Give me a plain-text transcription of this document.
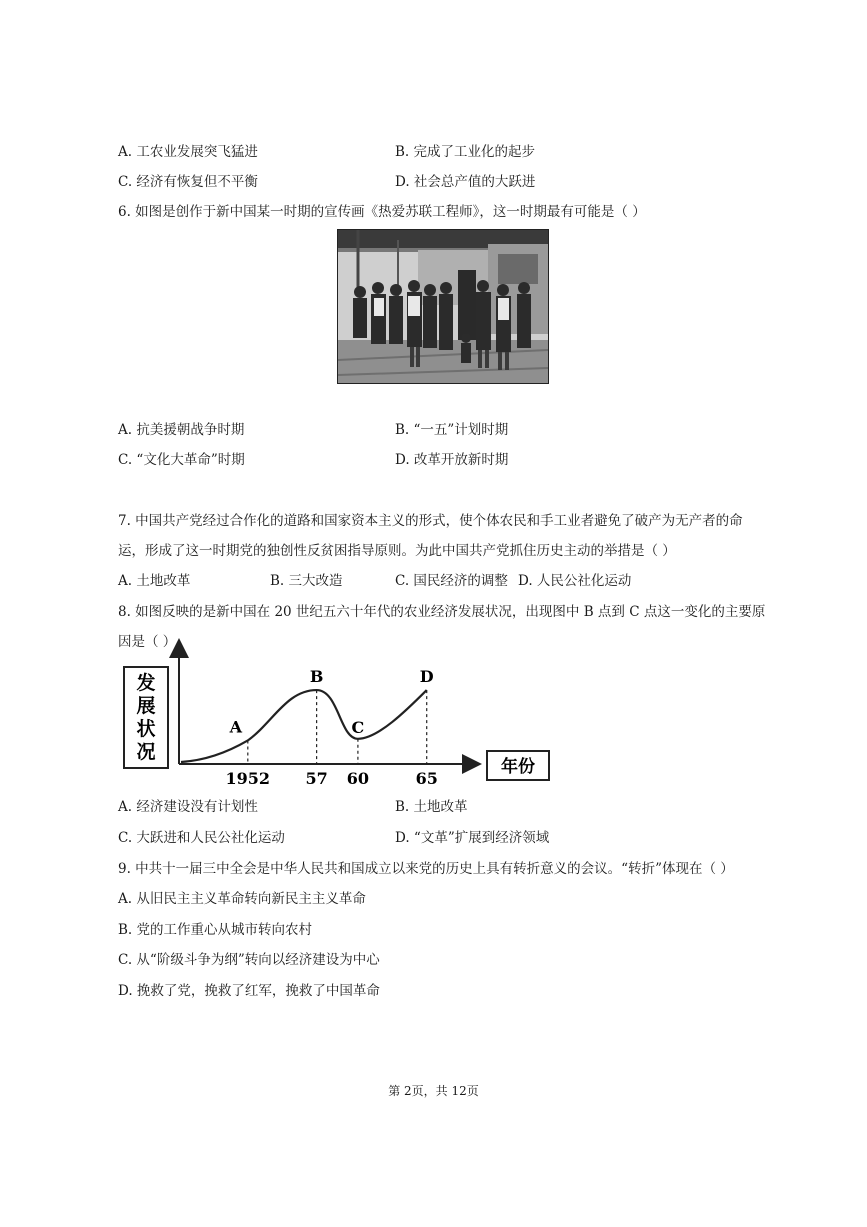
A. 工农业发展突飞猛进	B. 完成了工业化的起步
C. 经济有恢复但不平衡	D. 社会总产值的大跃进
6. 如图是创作于新中国某一时期的宣传画《热爱苏联工程师》，这一时期最有可能是（ ）
A. 抗美援朝战争时期	B. “一五”计划时期
C. “文化大革命”时期	D. 改革开放新时期
7. 中国共产党经过合作化的道路和国家资本主义的形式，使个体农民和手工业者避免了破产为无产者的命
运，形成了这一时期党的独创性反贫困指导原则。为此中国共产党抓住历史主动的举措是（ ）
A. 土地改革	B. 三大改造	C. 国民经济的调整 D. 人民公社化运动
8. 如图反映的是新中国在 20 世纪五六十年代的农业经济发展状况，出现图中 B 点到 C 点这一变化的主要原
因是（ ）
发
展
状
况
年份
A
1952
B
57
C
60
D
65
A. 经济建设没有计划性	B. 土地改革
C. 大跃进和人民公社化运动	D. “文革”扩展到经济领域
9. 中共十一届三中全会是中华人民共和国成立以来党的历史上具有转折意义的会议。“转折”体现在（ ）
A. 从旧民主主义革命转向新民主主义革命
B. 党的工作重心从城市转向农村
C. 从“阶级斗争为纲”转向以经济建设为中心
D. 挽救了党，挽救了红军，挽救了中国革命
第 2页，共 12页
